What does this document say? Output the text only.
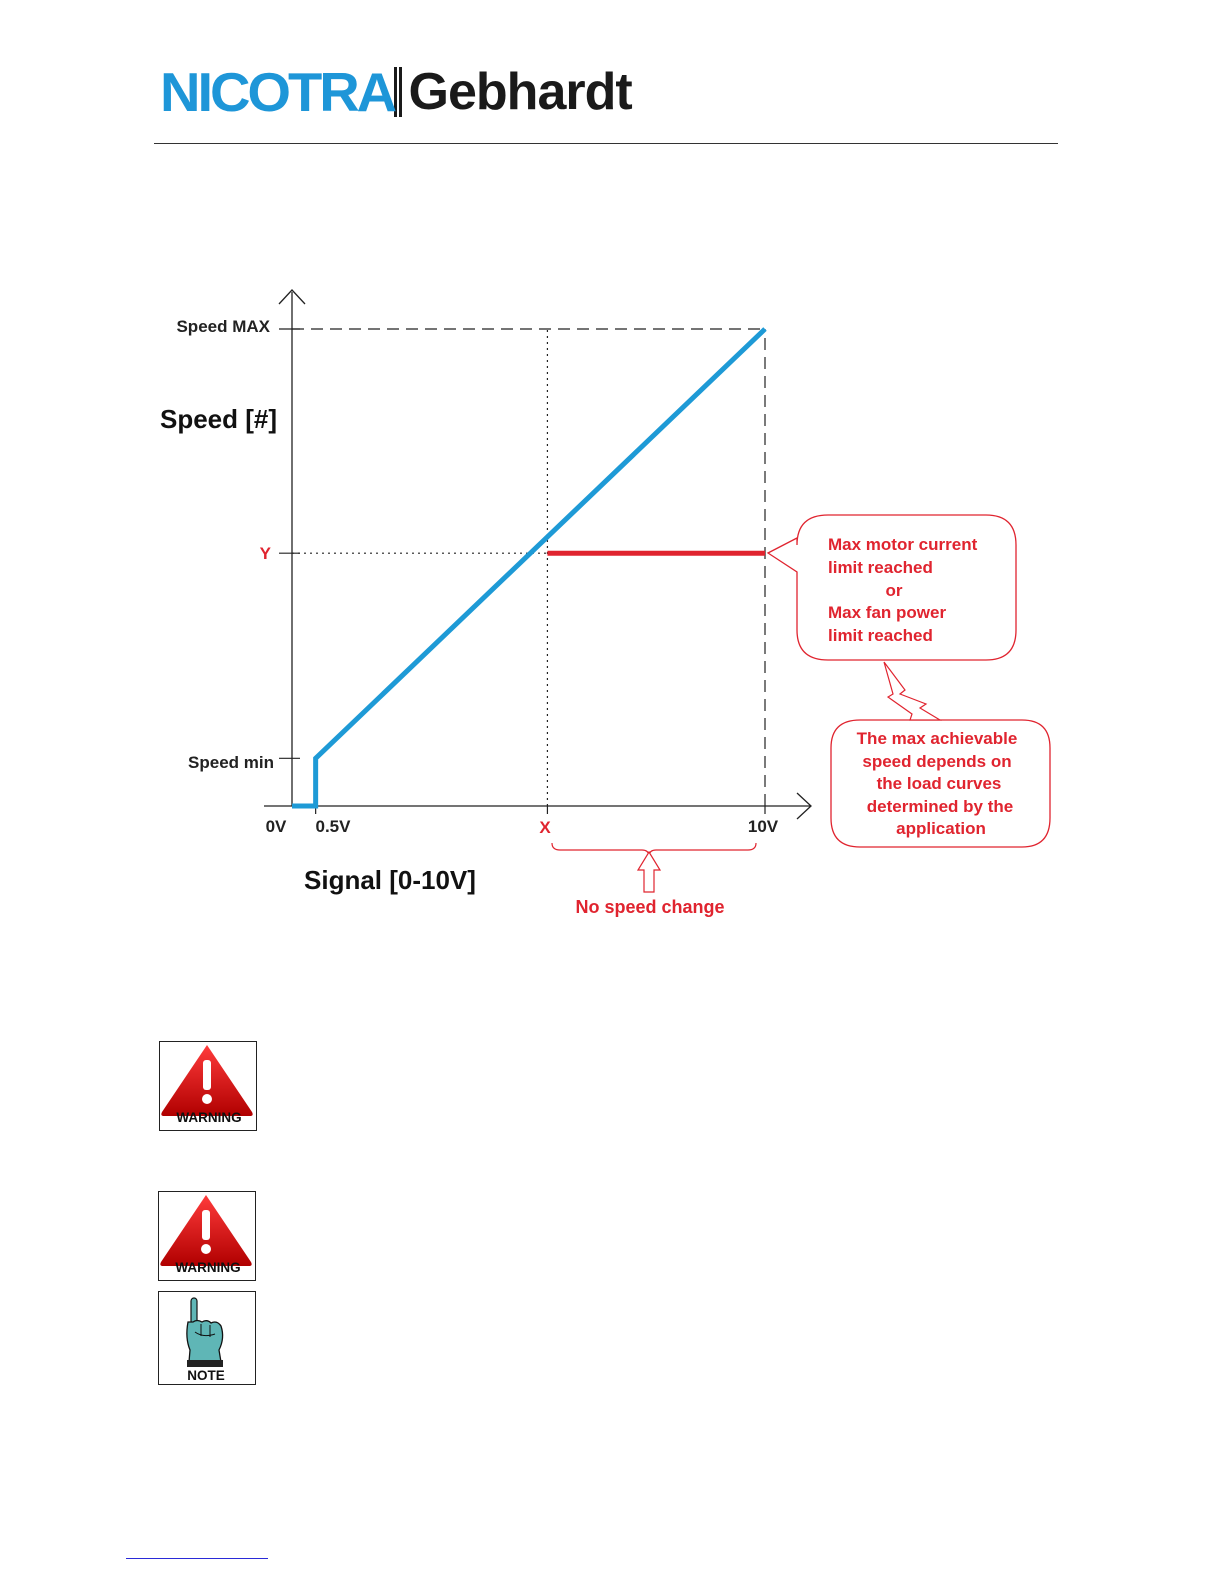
NICOTRA Gebhardt
Speed MAX
Y
Speed min
0V 0.5V	X	10V
Speed [#]
Signal [0-10V]
Max motor current
limit reached
or
Max fan power
limit reached
The max achievable
speed depends on
the load curves
determined by the
application
No speed change
WARNING
WARNING
NOTE
